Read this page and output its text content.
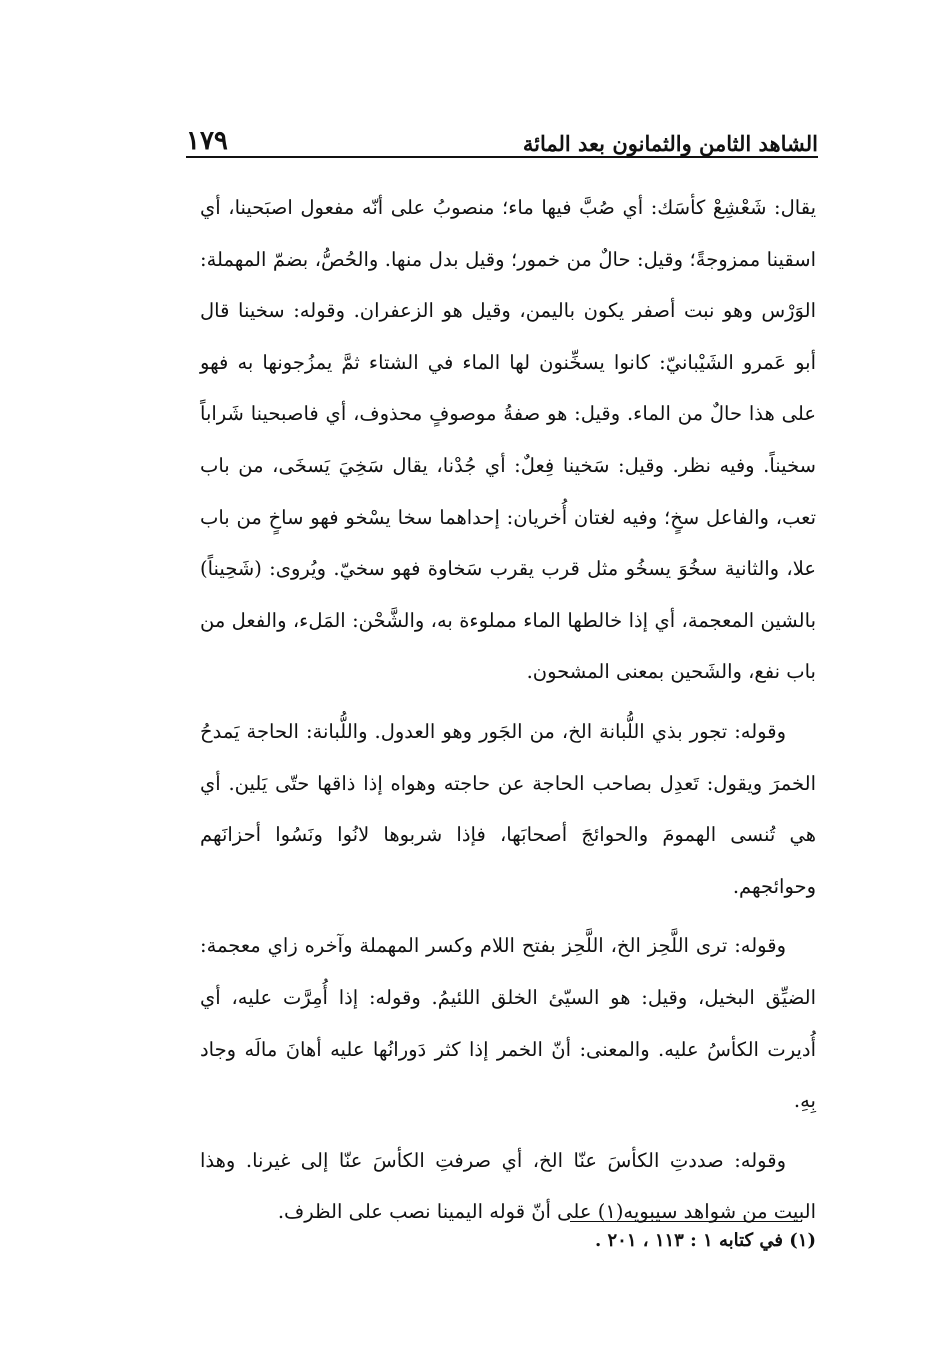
الشاهد الثامن والثمانون بعد المائة
١٧٩

يقال: شَعْشِعْ كأسَك: أي صُبَّ فيها ماء؛ منصوبُ على أنّه مفعول اصبَحينا، أي اسقينا ممزوجةً؛ وقيل: حالٌ من خمور؛ وقيل بدل منها. والحُصُّ، بضمّ المهملة: الوَرْس وهو نبت أصفر يكون باليمن، وقيل هو الزعفران. وقوله: سخينا قال أبو عَمرو الشَيْبانيّ: كانوا يسخِّنون لها الماء في الشتاء ثمَّ يمزُجونها به فهو على هذا حالٌ من الماء. وقيل: هو صفةُ موصوفٍ محذوف، أي فاصبحينا شَراباً سخيناً. وفيه نظر. وقيل: سَخينا فِعلٌ: أي جُدْنا، يقال سَخِيَ يَسخَى، من باب تعب، والفاعل سخٍ؛ وفيه لغتان أُخريان: إحداهما سخا يسْخو فهو ساخٍ من باب علا، والثانية سخُوَ يسخُو مثل قرب يقرب سَخاوة فهو سخيّ. ويُروى: (شَحِيناً) بالشين المعجمة، أي إذا خالطها الماء مملوءة به، والشَّحْن: المَلء، والفعل من باب نفع، والشَحين بمعنى المشحون.

وقوله: تجور بذي اللُّبانة الخ، من الجَور وهو العدول. واللُّبانة: الحاجة يَمدحُ الخمرَ ويقول: تَعدِل بصاحب الحاجة عن حاجته وهواه إذا ذاقها حتّى يَلين. أي هي تُنسى الهمومَ والحوائجَ أصحابَها، فإذا شربوها لانُوا ونَسُوا أحزانَهم وحوائجهم.

وقوله: ترى اللَّحِز الخ، اللَّحِز بفتح اللام وكسر المهملة وآخره زاي معجمة: الضيِّق البخيل، وقيل: هو السيّئ الخلق اللئيمُ. وقوله: إذا أُمِرَّت عليه، أي أُديرت الكأسُ عليه. والمعنى: أنّ الخمر إذا كثر دَورانُها عليه أهانَ مالَه وجاد بِهِ.

وقوله: صددتِ الكأسَ عنّا الخ، أي صرفتِ الكأسَ عنّا إلى غيرنا. وهذا البيت من شواهد سيبويه(١) على أنّ قوله اليمينا نصب على الظرف.

(١) في كتابه ١ : ١١٣ ، ٢٠١ .
